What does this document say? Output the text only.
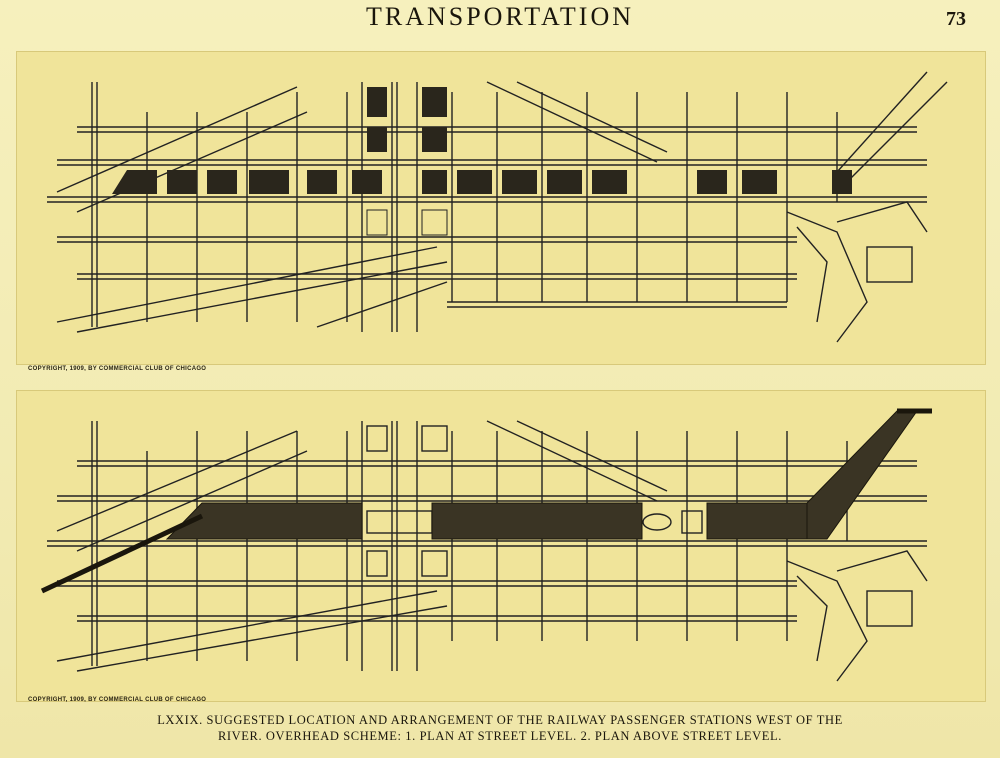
TRANSPORTATION	73
COPYRIGHT, 1909, BY COMMERCIAL CLUB OF CHICAGO
COPYRIGHT, 1909, BY COMMERCIAL CLUB OF CHICAGO
LXXIX. SUGGESTED LOCATION AND ARRANGEMENT OF THE RAILWAY PASSENGER STATIONS WEST OF THE
RIVER. OVERHEAD SCHEME: 1. PLAN AT STREET LEVEL. 2. PLAN ABOVE STREET LEVEL.
